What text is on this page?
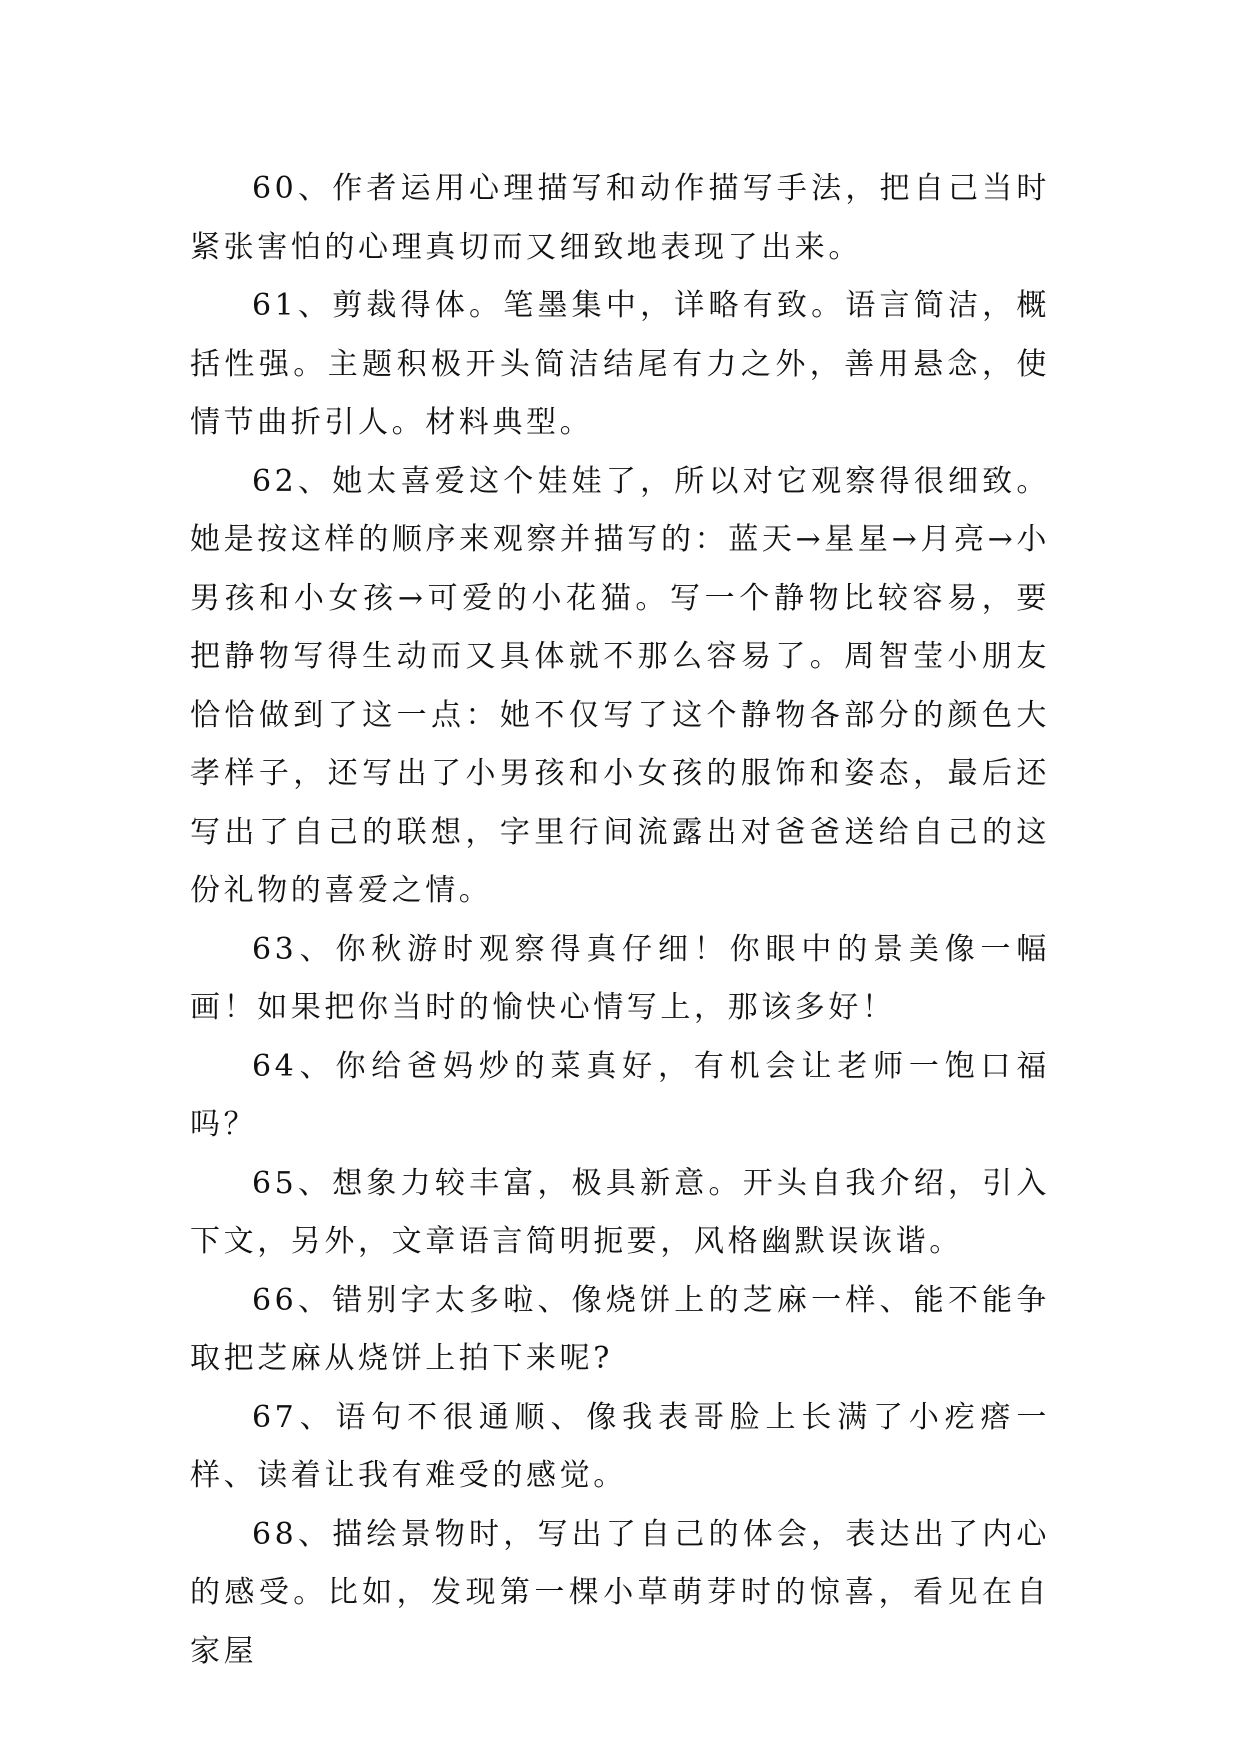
60、作者运用心理描写和动作描写手法，把自己当时紧张害怕的心理真切而又细致地表现了出来。

61、剪裁得体。笔墨集中，详略有致。语言简洁，概括性强。主题积极开头简洁结尾有力之外，善用悬念，使情节曲折引人。材料典型。

62、她太喜爱这个娃娃了，所以对它观察得很细致。她是按这样的顺序来观察并描写的：蓝天→星星→月亮→小男孩和小女孩→可爱的小花猫。写一个静物比较容易，要把静物写得生动而又具体就不那么容易了。周智莹小朋友恰恰做到了这一点：她不仅写了这个静物各部分的颜色大孝样子，还写出了小男孩和小女孩的服饰和姿态，最后还写出了自己的联想，字里行间流露出对爸爸送给自己的这份礼物的喜爱之情。

63、你秋游时观察得真仔细！你眼中的景美像一幅画！如果把你当时的愉快心情写上，那该多好！

64、你给爸妈炒的菜真好，有机会让老师一饱口福吗？

65、想象力较丰富，极具新意。开头自我介绍，引入下文，另外，文章语言简明扼要，风格幽默误诙谐。

66、错别字太多啦、像烧饼上的芝麻一样、能不能争取把芝麻从烧饼上拍下来呢?

67、语句不很通顺、像我表哥脸上长满了小疙瘩一样、读着让我有难受的感觉。

68、描绘景物时，写出了自己的体会，表达出了内心的感受。比如，发现第一棵小草萌芽时的惊喜，看见在自家屋
